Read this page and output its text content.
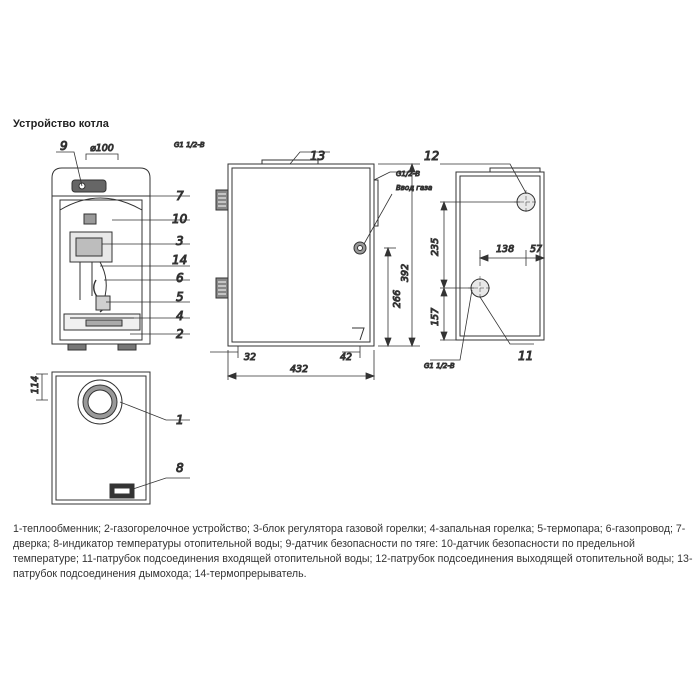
Устройство котла
9 ⌀100
7
10
3
14
6
5
4
2
1
8
G1 1/2-B
13
G1/2-B
Ввод газа
12
11
G1 1/2-B
432
32	42
392
266
235
157
138 57
114

1-теплообменник; 2-газогорелочное устройство; 3-блок регулятора газовой горелки; 4-запальная горелка; 5-термопара; 6-газопровод; 7-дверка; 8-индикатор температуры отопительной воды; 9-датчик безопасности по тяге: 10-датчик безопасности по предельной температуре; 11-патрубок подсоединения входящей отопительной воды; 12-патрубок подсоединения выходящей отопительной воды; 13-патрубок подсоединения дымохода; 14-термопрерыватель.
